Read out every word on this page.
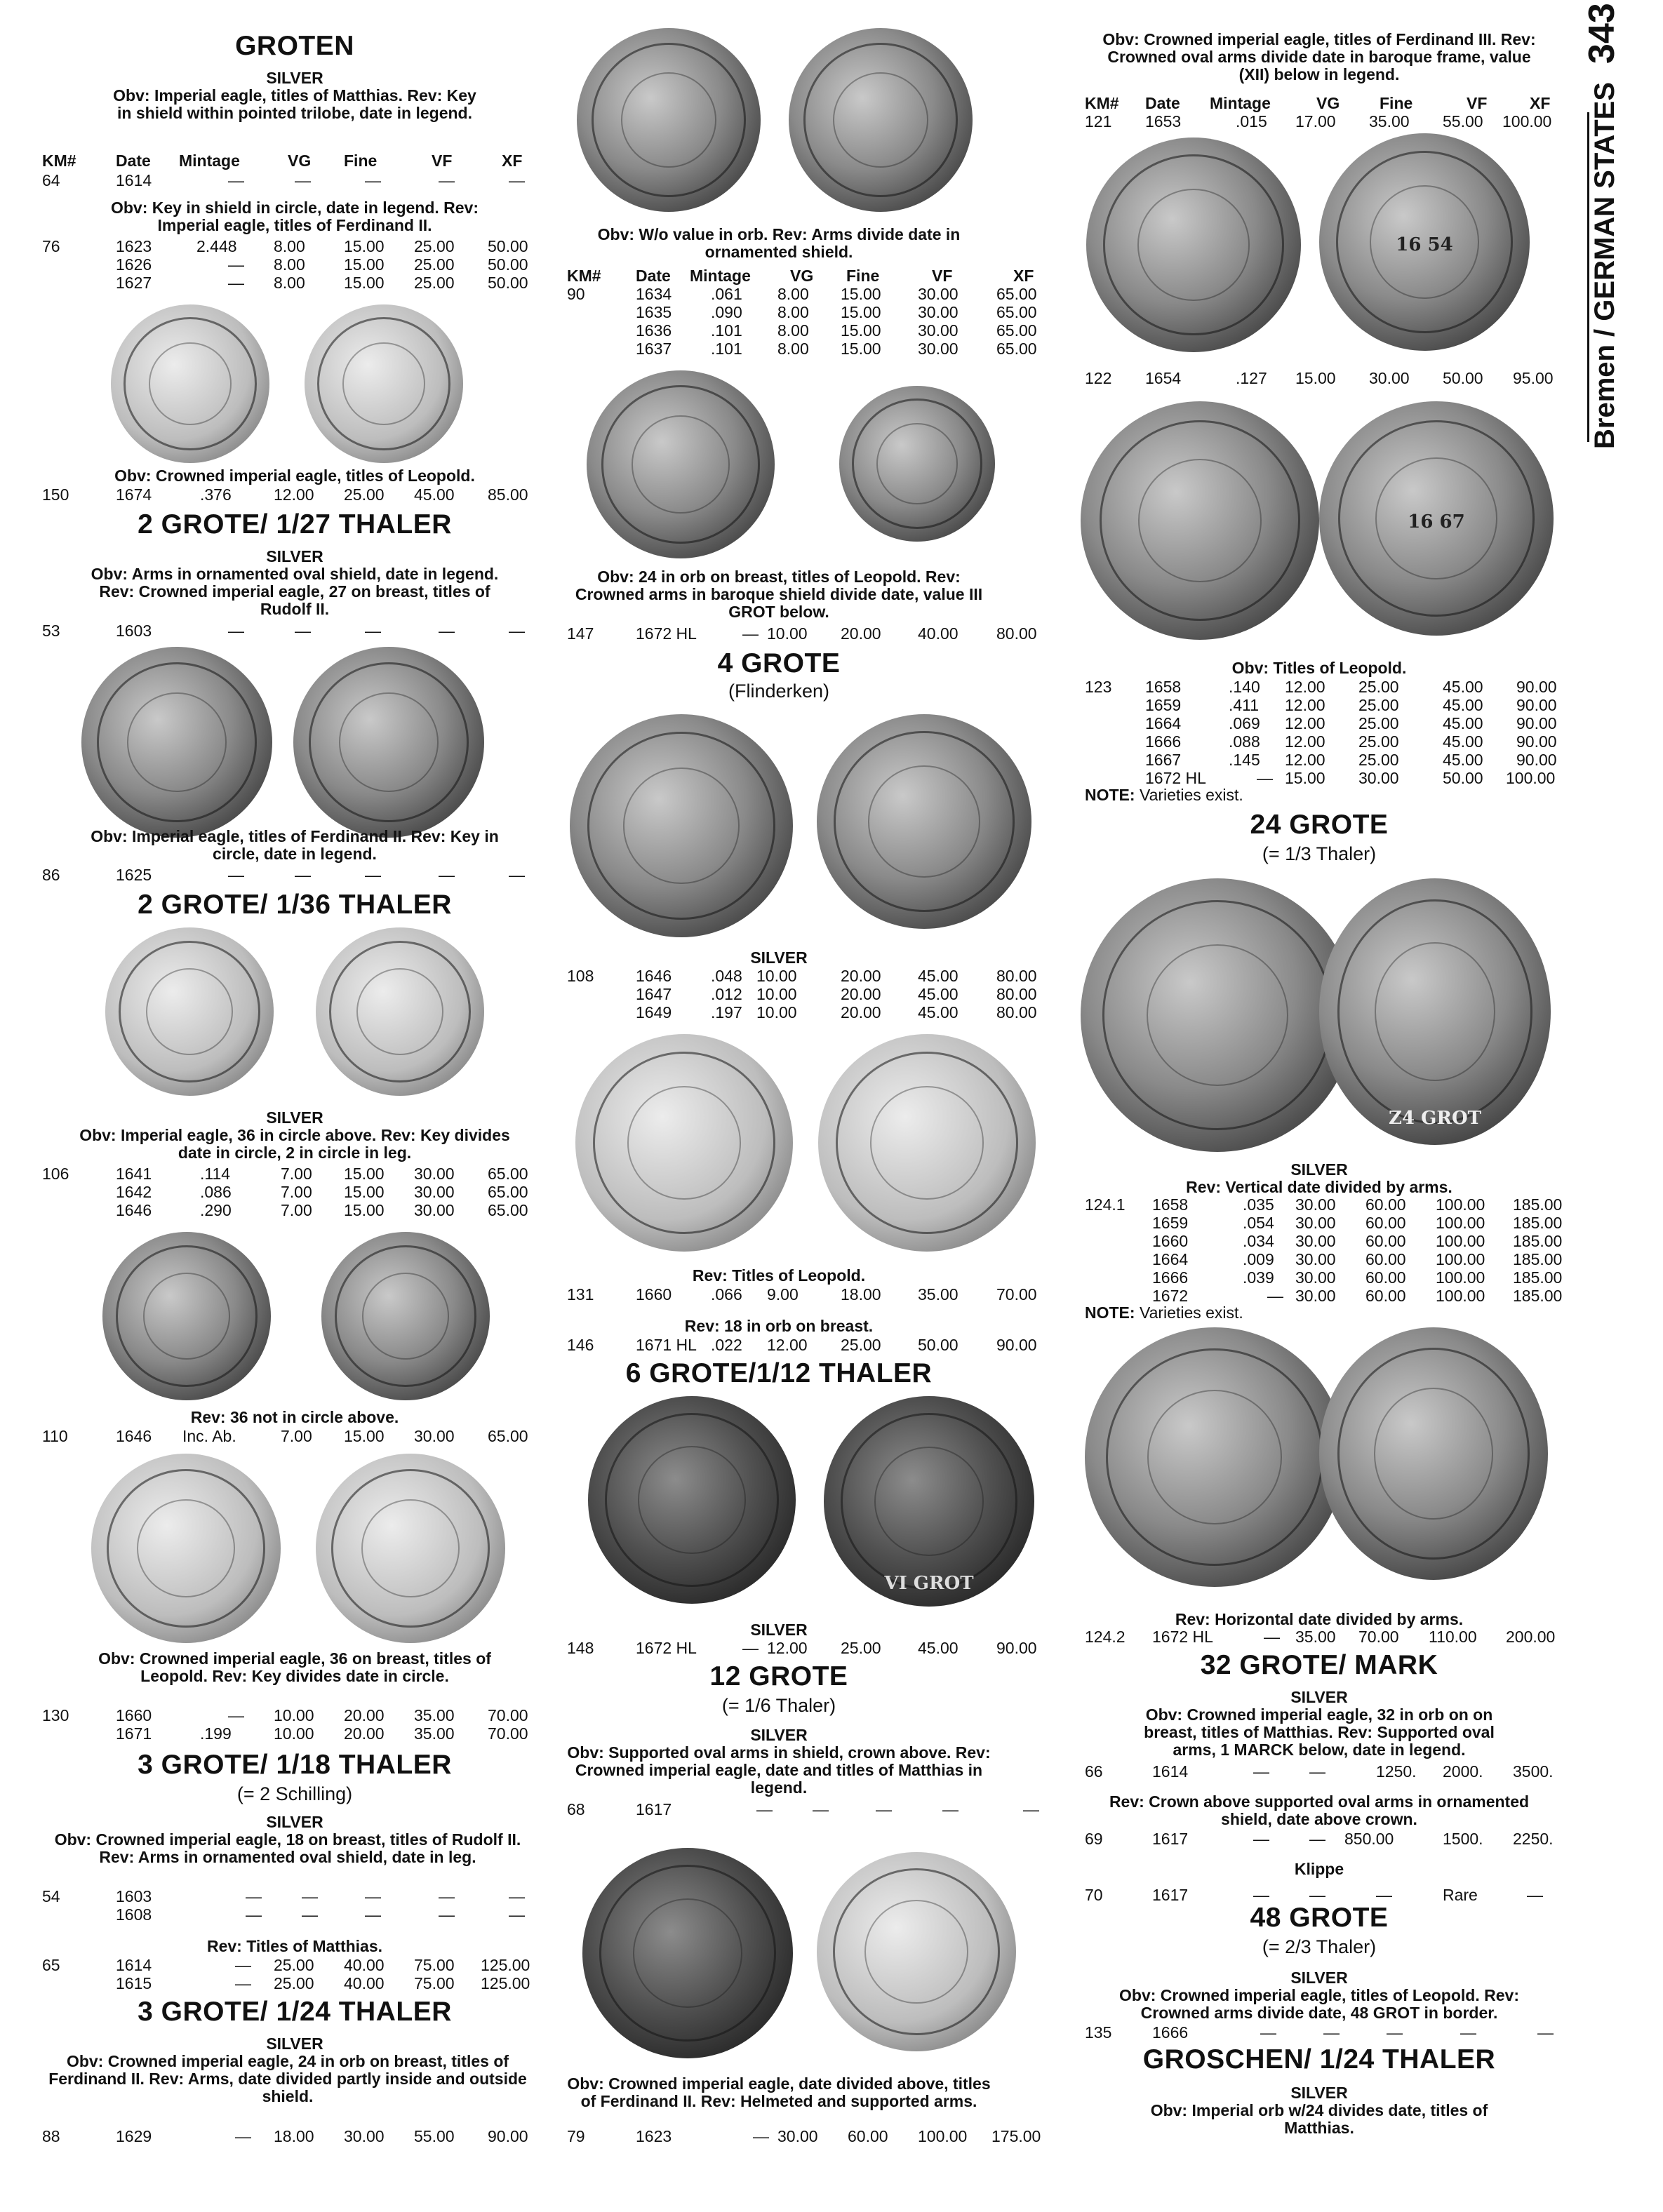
Bremen / GERMAN STATES343
GROTEN
SILVER
Obv: Imperial eagle, titles of Matthias. Rev: Key in shield within pointed trilobe, date in legend.
KM# Date Mintage	VG Fine	VF	XF
64	1614	—	—	—	—	—
Obv: Key in shield in circle, date in legend. Rev: Imperial eagle, titles of Ferdinand II.
76	1623	2.448 8.00 15.00 25.00 50.00
1626	— 8.00 15.00 25.00 50.00
1627	— 8.00 15.00 25.00 50.00
Obv: Crowned imperial eagle, titles of Leopold.
150	1674	.376	12.00 25.00 45.00 85.00
2 GROTE/ 1/27 THALER
SILVER
Obv: Arms in ornamented oval shield, date in legend. Rev: Crowned imperial eagle, 27 on breast, titles of Rudolf II.
53	1603	—	—	—	—	—
Obv: Imperial eagle, titles of Ferdinand II. Rev: Key in circle, date in legend.
86	1625	—	—	—	—	—
2 GROTE/ 1/36 THALER
SILVER
Obv: Imperial eagle, 36 in circle above. Rev: Key divides date in circle, 2 in circle in leg.
106	1641	.114	7.00 15.00 30.00 65.00
1642	.086	7.00 15.00 30.00 65.00
1646	.290	7.00 15.00 30.00 65.00
Rev: 36 not in circle above.
110	1646 Inc. Ab.	7.00 15.00 30.00 65.00
Obv: Crowned imperial eagle, 36 on breast, titles of Leopold. Rev: Key divides date in circle.
130	1660	— 10.00 20.00 35.00 70.00
1671	.199	10.00 20.00 35.00 70.00
3 GROTE/ 1/18 THALER
(= 2 Schilling)
SILVER
Obv: Crowned imperial eagle, 18 on breast, titles of Rudolf II. Rev: Arms in ornamented oval shield, date in leg.
54	1603	— —	—	—	—
1608	— —	—	—	—
Rev: Titles of Matthias.
65	1614	— 25.00 40.00 75.00 125.00
1615	— 25.00 40.00 75.00 125.00
3 GROTE/ 1/24 THALER
SILVER
Obv: Crowned imperial eagle, 24 in orb on breast, titles of Ferdinand II. Rev: Arms, date divided partly inside and outside shield.
88	1629	— 18.00 30.00 55.00 90.00
Obv: W/o value in orb. Rev: Arms divide date in ornamented shield.
KM# Date Mintage VG Fine	VF	XF
90	1634 .061 8.00 15.00 30.00 65.00
1635 .090 8.00 15.00 30.00 65.00
1636 .101 8.00 15.00 30.00 65.00
1637 .101 8.00 15.00 30.00 65.00
Obv: 24 in orb on breast, titles of Leopold. Rev: Crowned arms in baroque shield divide date, value III GROT below.
147	1672 HL	— 10.00 20.00 40.00 80.00
4 GROTE
(Flinderken)
SILVER
108	1646 .048 10.00	20.00 45.00 80.00
1647 .012 10.00	20.00 45.00 80.00
1649 .197 10.00	20.00 45.00 80.00
Rev: Titles of Leopold.
131	1660 .066 9.00	18.00 35.00 70.00
Rev: 18 in orb on breast.
146	1671 HL .022 12.00 25.00 50.00 90.00
6 GROTE/1/12 THALER
VI GROT
SILVER
148	1672 HL	— 12.00 25.00 45.00 90.00
12 GROTE
(= 1/6 Thaler)
SILVER
Obv: Supported oval arms in shield, crown above. Rev: Crowned imperial eagle, date and titles of Matthias in legend.
68	1617	— —	—	—	—
Obv: Crowned imperial eagle, date divided above, titles of Ferdinand II. Rev: Helmeted and supported arms.
79	1623	— 30.00 60.00 100.00 175.00
Obv: Crowned imperial eagle, titles of Ferdinand III. Rev: Crowned oval arms divide date in baroque frame, value (XII) below in legend.
KM# Date Mintage	VG Fine	VF	XF
121 1653	.015 17.00 35.00 55.00 100.00
16 54
122 1654	.127 15.00 30.00 50.00 95.00
16 67
Obv: Titles of Leopold.
123 1658	.140 12.00 25.00	45.00 90.00
1659	.411 12.00 25.00	45.00 90.00
1664	.069 12.00 25.00	45.00 90.00
1666	.088 12.00 25.00	45.00 90.00
1667	.145 12.00 25.00	45.00 90.00
1672 HL	— 15.00 30.00	50.00 100.00
NOTE: Varieties exist.
24 GROTE
(= 1/3 Thaler)
Z4 GROT
SILVER
Rev: Vertical date divided by arms.
124.1 1658	.035 30.00 60.00 100.00 185.00
1659	.054 30.00 60.00 100.00 185.00
1660	.034 30.00 60.00 100.00 185.00
1664	.009 30.00 60.00 100.00 185.00
1666	.039 30.00 60.00 100.00 185.00
1672	— 30.00 60.00 100.00 185.00
NOTE: Varieties exist.
Rev: Horizontal date divided by arms.
124.2 1672 HL	— 35.00 70.00 110.00 200.00
32 GROTE/ MARK
SILVER
Obv: Crowned imperial eagle, 32 in orb on on breast, titles of Matthias. Rev: Supported oval arms, 1 MARCK below, date in legend.
66	1614	— —	1250. 2000. 3500.
Rev: Crown above supported oval arms in ornamented shield, date above crown.
69	1617	— — 850.00	1500. 2250.
Klippe
70	1617	— —	—	Rare	—
48 GROTE
(= 2/3 Thaler)
SILVER
Obv: Crowned imperial eagle, titles of Leopold. Rev: Crowned arms divide date, 48 GROT in border.
135	1666	—	—	—	—	—
GROSCHEN/ 1/24 THALER
SILVER
Obv: Imperial orb w/24 divides date, titles of Matthias.
